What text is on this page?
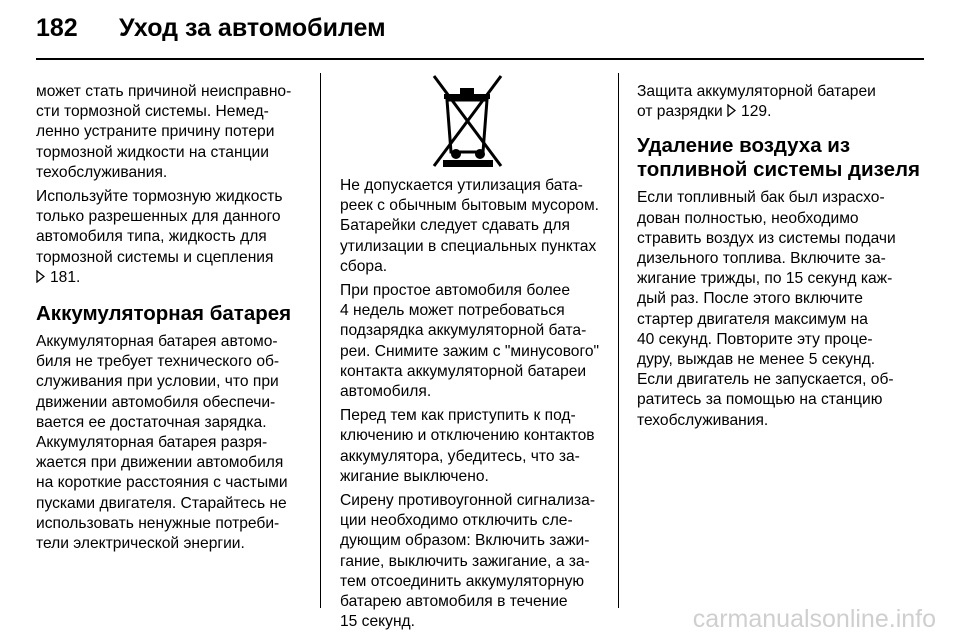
182 Уход за автомобилем

может стать причиной неисправно-
сти тормозной системы. Немед-
ленно устраните причину потери
тормозной жидкости на станции
техобслуживания.

Используйте тормозную жидкость
только разрешенных для данного
автомобиля типа, жидкость для
тормозной системы и сцепления
181.

Аккумуляторная батарея

Аккумуляторная батарея автомо-
биля не требует технического об-
служивания при условии, что при
движении автомобиля обеспечи-
вается ее достаточная зарядка.
Аккумуляторная батарея разря-
жается при движении автомобиля
на короткие расстояния с частыми
пусками двигателя. Старайтесь не
использовать ненужные потреби-
тели электрической энергии.

Не допускается утилизация бата-
реек с обычным бытовым мусором.
Батарейки следует сдавать для
утилизации в специальных пунктах
сбора.

При простое автомобиля более
4 недель может потребоваться
подзарядка аккумуляторной бата-
реи. Снимите зажим с "минусового"
контакта аккумуляторной батареи
автомобиля.

Перед тем как приступить к под-
ключению и отключению контактов
аккумулятора, убедитесь, что за-
жигание выключено.

Сирену противоугонной сигнализа-
ции необходимо отключить сле-
дующим образом: Включить зажи-
гание, выключить зажигание, а за-
тем отсоединить аккумуляторную
батарею автомобиля в течение
15 секунд.

Защита аккумуляторной батареи
от разрядки 129.

Удаление воздуха из
топливной системы дизеля

Если топливный бак был израсхо-
дован полностью, необходимо
стравить воздух из системы подачи
дизельного топлива. Включите за-
жигание трижды, по 15 секунд каж-
дый раз. После этого включите
стартер двигателя максимум на
40 секунд. Повторите эту проце-
дуру, выждав не менее 5 секунд.
Если двигатель не запускается, об-
ратитесь за помощью на станцию
техобслуживания.

carmanualsonline.info
